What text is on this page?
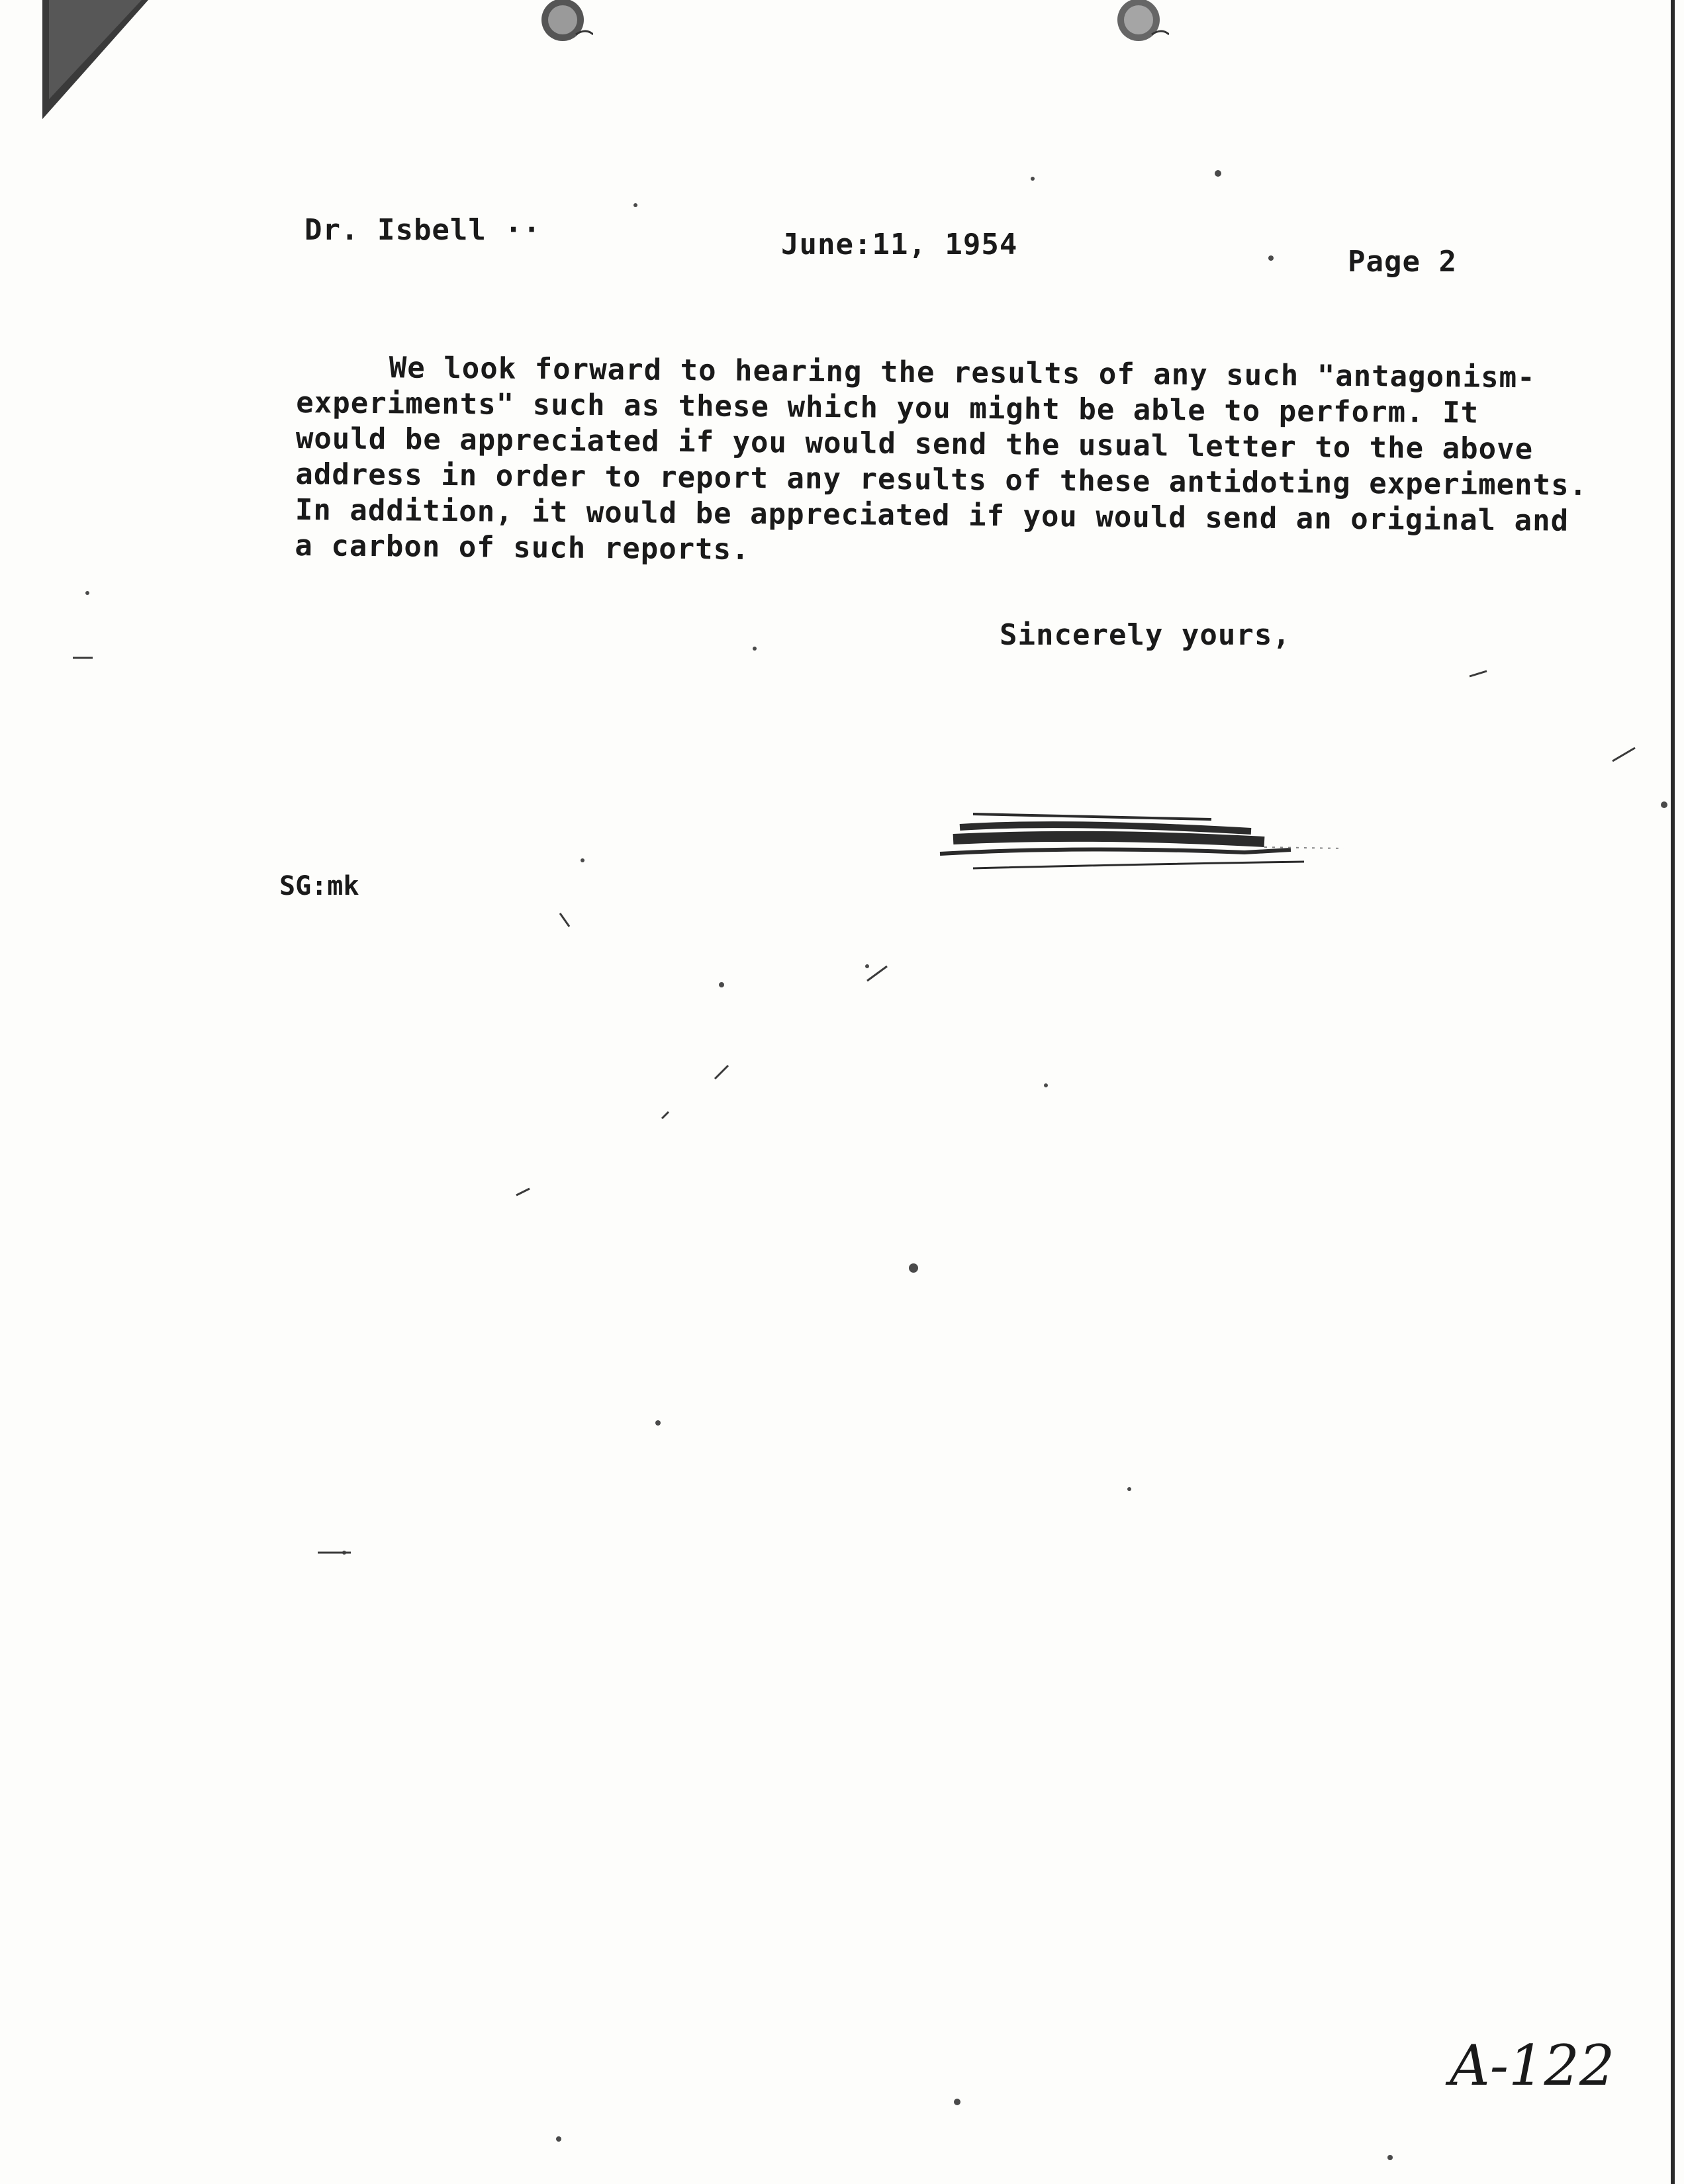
Dr. Isbell ··	June:11, 1954
Page 2
We look forward to hearing the results of any such "antagonism-
experiments" such as these which you might be able to perform. It
would be appreciated if you would send the usual letter to the above
address in order to report any results of these antidoting experiments.
In addition, it would be appreciated if you would send an original and
a carbon of such reports.
Sincerely yours,
SG:mk
A-122
